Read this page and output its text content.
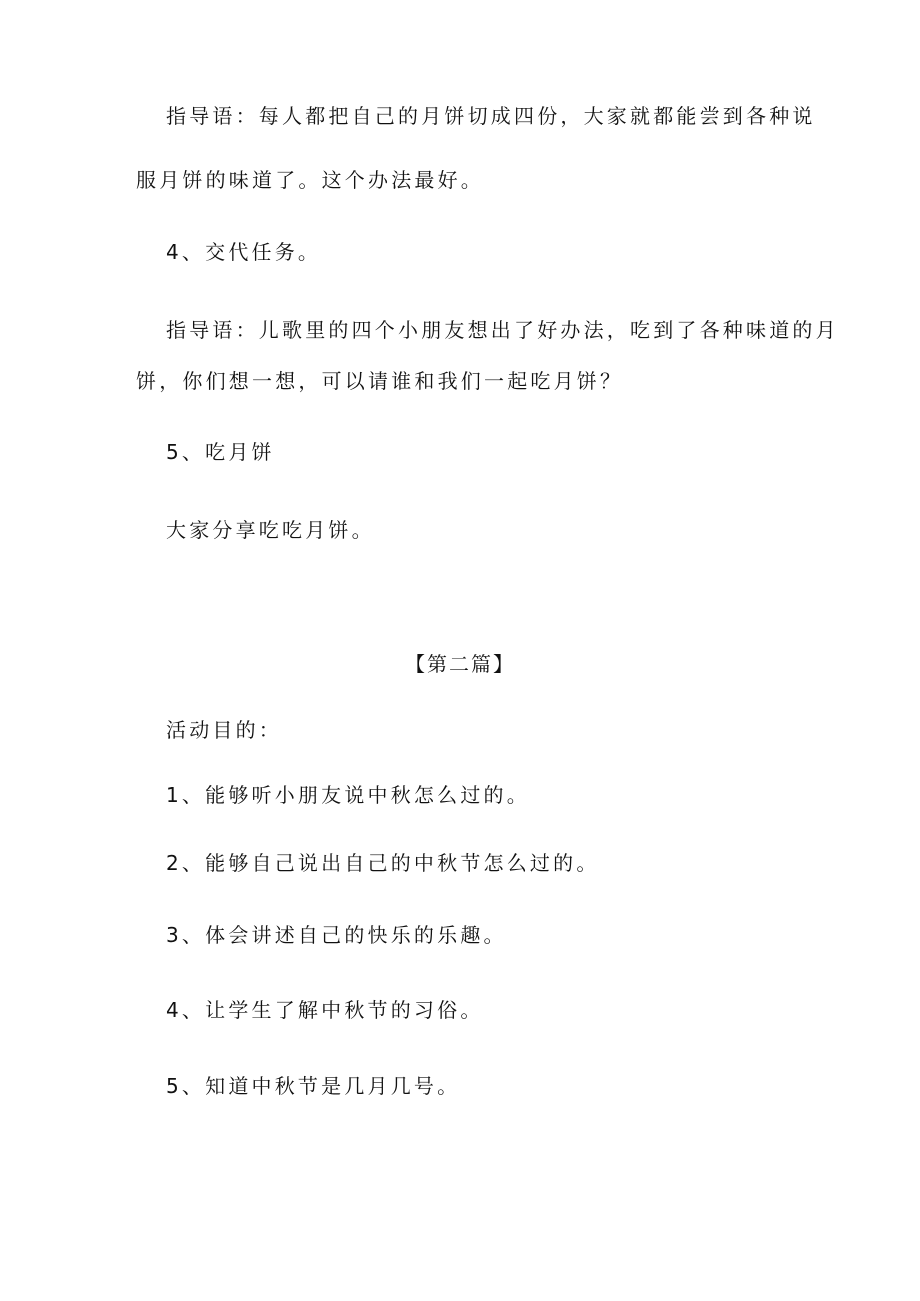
指导语：每人都把自己的月饼切成四份，大家就都能尝到各种说

服月饼的味道了。这个办法最好。

4、交代任务。

指导语：儿歌里的四个小朋友想出了好办法，吃到了各种味道的月

饼，你们想一想，可以请谁和我们一起吃月饼？

5、吃月饼

大家分享吃吃月饼。

【第二篇】

活动目的：

1、能够听小朋友说中秋怎么过的。

2、能够自己说出自己的中秋节怎么过的。

3、体会讲述自己的快乐的乐趣。

4、让学生了解中秋节的习俗。

5、知道中秋节是几月几号。
